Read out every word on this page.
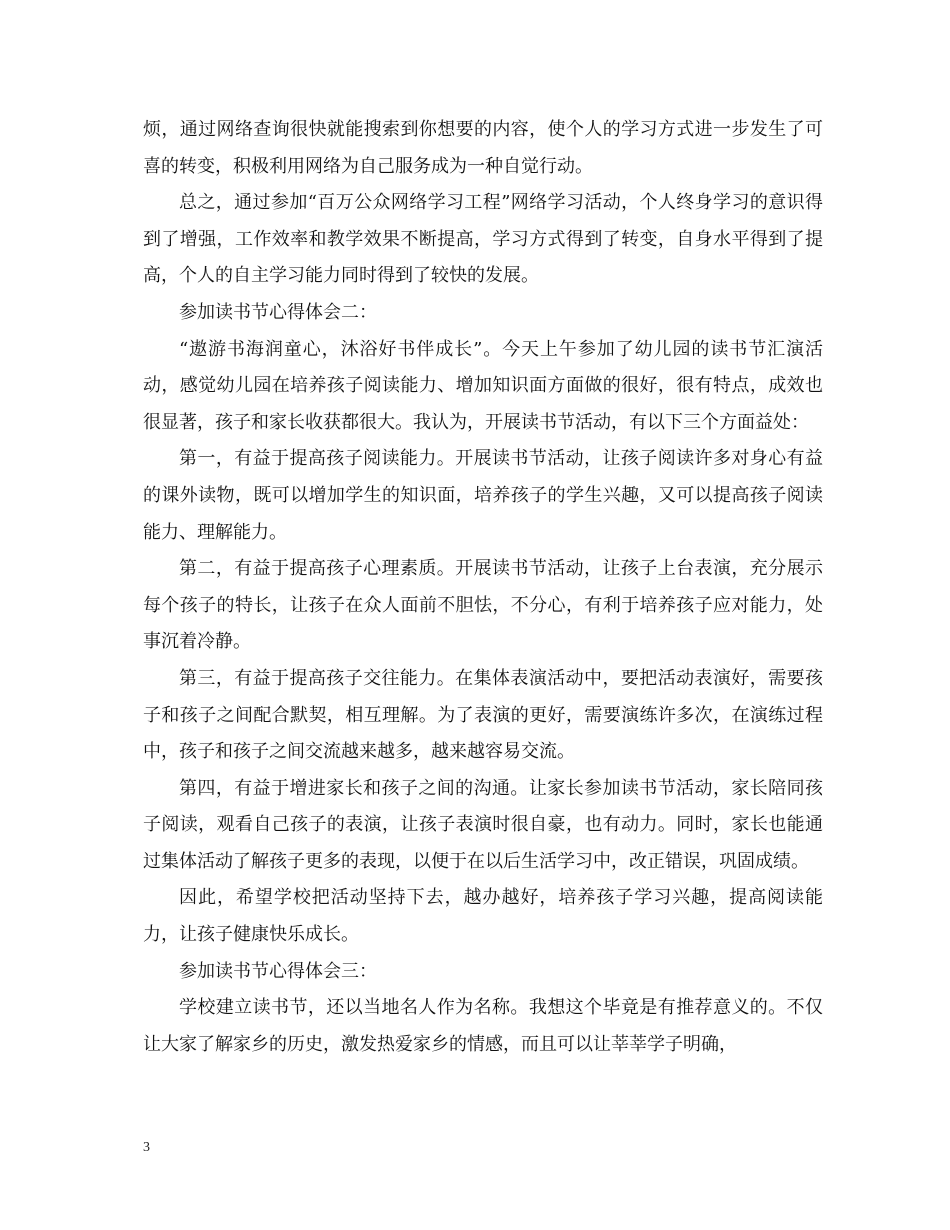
烦，通过网络查询很快就能搜索到你想要的内容，使个人的学习方式进一步发生了可喜的转变，积极利用网络为自己服务成为一种自觉行动。

总之，通过参加“百万公众网络学习工程”网络学习活动，个人终身学习的意识得到了增强，工作效率和教学效果不断提高，学习方式得到了转变，自身水平得到了提高，个人的自主学习能力同时得到了较快的发展。

参加读书节心得体会二：

“遨游书海润童心，沐浴好书伴成长”。今天上午参加了幼儿园的读书节汇演活动，感觉幼儿园在培养孩子阅读能力、增加知识面方面做的很好，很有特点，成效也很显著，孩子和家长收获都很大。我认为，开展读书节活动，有以下三个方面益处：

第一，有益于提高孩子阅读能力。开展读书节活动，让孩子阅读许多对身心有益的课外读物，既可以增加学生的知识面，培养孩子的学生兴趣，又可以提高孩子阅读能力、理解能力。

第二，有益于提高孩子心理素质。开展读书节活动，让孩子上台表演，充分展示每个孩子的特长，让孩子在众人面前不胆怯，不分心，有利于培养孩子应对能力，处事沉着冷静。

第三，有益于提高孩子交往能力。在集体表演活动中，要把活动表演好，需要孩子和孩子之间配合默契，相互理解。为了表演的更好，需要演练许多次，在演练过程中，孩子和孩子之间交流越来越多，越来越容易交流。

第四，有益于增进家长和孩子之间的沟通。让家长参加读书节活动，家长陪同孩子阅读，观看自己孩子的表演，让孩子表演时很自豪，也有动力。同时，家长也能通过集体活动了解孩子更多的表现，以便于在以后生活学习中，改正错误，巩固成绩。

因此，希望学校把活动坚持下去，越办越好，培养孩子学习兴趣，提高阅读能力，让孩子健康快乐成长。

参加读书节心得体会三：

学校建立读书节，还以当地名人作为名称。我想这个毕竟是有推荐意义的。不仅让大家了解家乡的历史，激发热爱家乡的情感，而且可以让莘莘学子明确，

3
